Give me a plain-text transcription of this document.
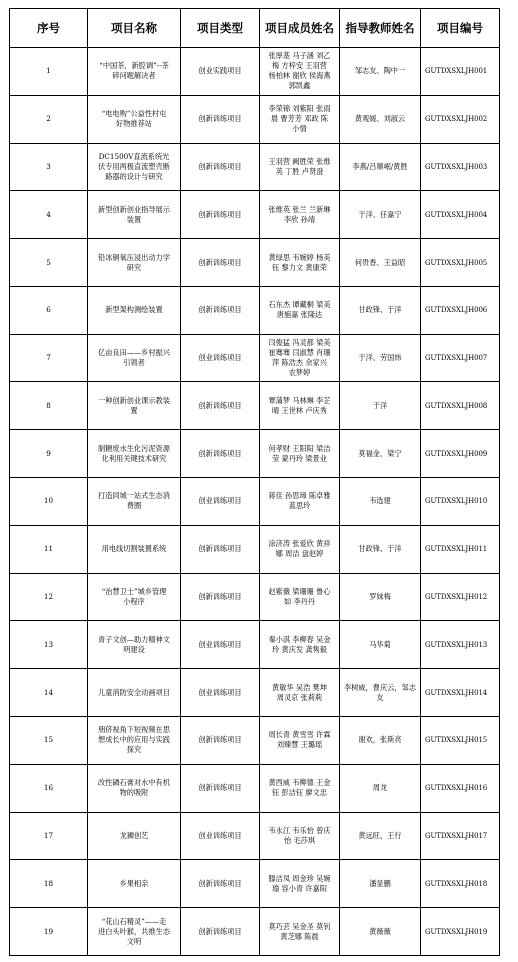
序号	项目名称	项目类型	项目成员姓名	指导教师姓名	项目编号
1	“中国茶，新腔调”--茶碎问题解决者	创业实践项目	张厚基 马子涵 刘乙梅 方梓安 王羽营 杨柏林 谢欣 侯海燕 郭凯鑫	邹志友、陶中一	GUTDXSXLJH001
2	“电电购”公益性村屯好物推荐站	创新训练项目	李荣锦 刘紫阳 张雨晨 曹芳芳 邓政 陈小情	黄观媛、刘淑云	GUTDXSXLJH002
3	DC1500V直流系统光伏专用两极直流塑壳断路器的设计与研究	创新训练项目	王羽营 阙胜荣 张维英 丁胜 卢贤澄	李燕/吕顺岷/黄胜	GUTDXSXLJH003
4	新型创新创业指导展示装置	创新训练项目	张维英 张兰 兰新琳 李欣 孙靖	于洋、任嘉宁	GUTDXSXLJH004
5	铅冰铜氧压浸出动力学研究	创新训练项目	黄绿思 韦婉婷 杨美钰 黎力文 黄康荣	何贵香、王益昭	GUTDXSXLJH005
6	新型架构测绘装置	创新训练项目	石东杰 谭藏桐 梁美唐施嘉 张隆达	甘政锋、于洋	GUTDXSXLJH006
7	亿亩良田——乡村振兴引领者	创业训练项目	闫俊猛 冯灵都 梁美崔骞骞 闫淑慧 肖珊萍 陈浩杰 余家兴 农梦婷	于洋、劳国炜	GUTDXSXLJH007
8	一种创新创业课示教装置	创新训练项目	覃蒲梦 马林琳 李芷晴 王世林 卢庆秀	于洋	GUTDXSXLJH008
9	制糖废水生化污泥资源化利用关键技术研究	创新训练项目	何孝财 王阳阳 梁洁莹 蒙丹玲 梁景业	莫福金、梁宁	GUTDXSXLJH009
10	打造同城一站式生态消费圈	创业训练项目	蒋佳 孙思璋 陈卓雅 蓝思玲	韦选建	GUTDXSXLJH010
11	用电线切割装置系统	创新训练项目	涂济涛 张爱欣 黄祥娜 周洁 盘赵婷	甘政锋、于洋	GUTDXSXLJH011
12	“治慧卫士”城乡管理小程序	创新训练项目	赵紫薇 梁珊珊 鲁心如 李丹丹	罗妹梅	GUTDXSXLJH012
13	青子文创—助力精神文明建设	创业训练项目	秦小淇 李柳春 吴金玲 黄庆发 龚隽毅	马华菊	GUTDXSXLJH013
14	儿童消防安全动画项目	创业训练项目	黄敏华 吴浩 樊坤 周灵京 张莉莉	李树威，曹庆云，邹志友	GUTDXSXLJH014
15	朋侪视角下短视频在思想成长中的应用与实践探究	创新训练项目	周长青 黄雪雪 许霖 刘臻慧 王璐瑶	谢欢，张斯亮	GUTDXSXLJH015
16	改性磷石膏对水中有机物的吸附	创新训练项目	黄西威 韦柳德 王金钰 彭洁钰 廖文忠	周龙	GUTDXSXLJH016
17	龙狮创艺	创业训练项目	韦永江 韦乐怡 曾庆怡 毛莎琪	黄远旺，王行	GUTDXSXLJH017
18	乡果相亲	创新训练项目	滕洁凤 周金珍 吴婉瑜 容小青 许嘉阳	潘显鹏	GUTDXSXLJH018
19	“花山石精灵”——走进白头叶猴，共推生态文明	创新训练项目	莫巧芸 吴金圣 莫钊黄芝娜 陈晨	黄薇薇	GUTDXSXLJH019
